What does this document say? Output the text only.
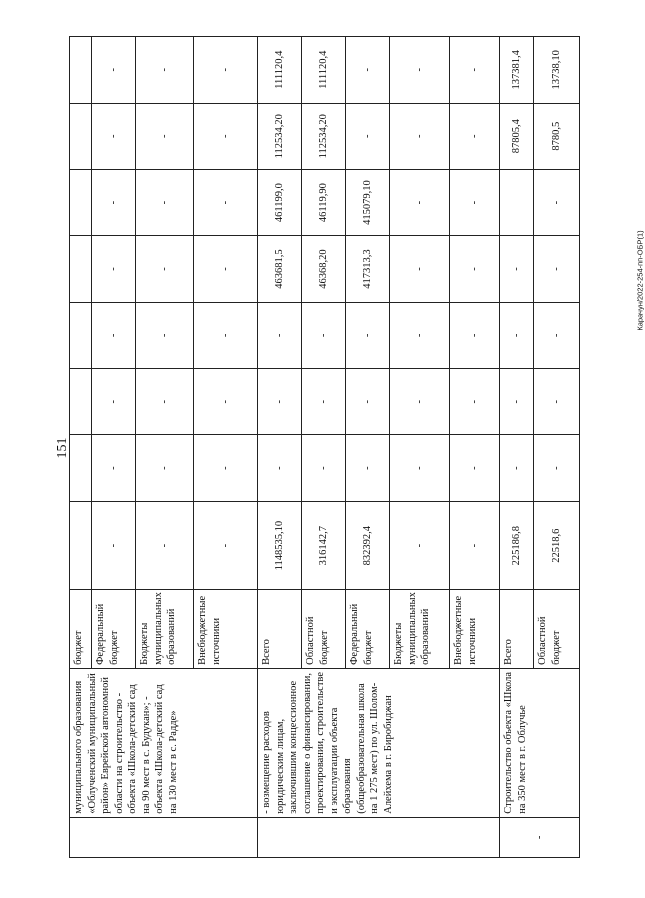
151
Карачун/2022-254-пп-ОБР(1)
	муниципального образования «Облученский муниципальный район» Еврейской автономной области на строительство - объекта «Школа-детский сад на 90 мест в с. Будукан»; - объекта «Школа-детский сад на 130 мест в с. Радде»	бюджет								
		Федеральный бюджет	-	-	-	-	-	-	-	-
		Бюджеты муниципальных образований	-	-	-	-	-	-	-	-
		Внебюджетные источники	-	-	-	-	-	-	-	-
	- возмещение расходов юридическим лицам, заключившим концессионное соглашение о финансировании, проектировании, строительстве и эксплуатации объекта образования (общеобразовательная школа на 1 275 мест) по ул. Шолом-Алейхема в г. Биробиджан	Всего	1148535,10	-	-	-	463681,5	461199,0	112534,20	111120,4
		Областной бюджет	316142,7	-	-	-	46368,20	46119,90	112534,20	111120,4
		Федеральный бюджет	832392,4	-	-	-	417313,3	415079,10	-	-
		Бюджеты муниципальных образований	-	-	-	-	-	-	-	-
		Внебюджетные источники	-	-	-	-	-	-	-	-
-	Строительство объекта «Школа на 350 мест в г. Облучье	Всего	225186,8	-	-	-	-		87805,4	137381,4
		Областной бюджет	22518,6	-	-	-	-	-	8780,5	13738,10
